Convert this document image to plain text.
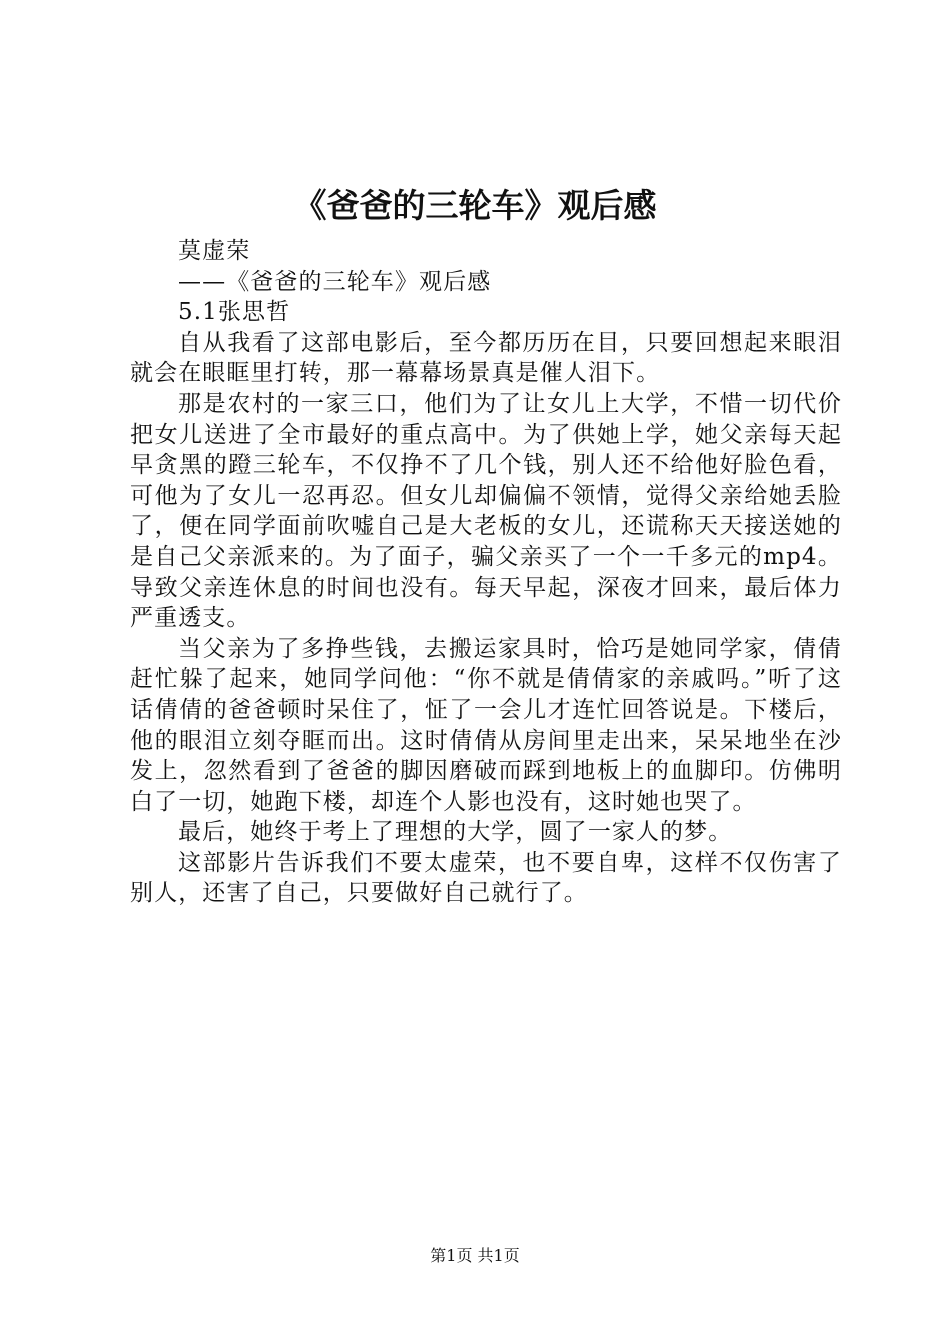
《爸爸的三轮车》观后感

莫虚荣

——《爸爸的三轮车》观后感

5.1张思哲

自从我看了这部电影后，至今都历历在目，只要回想起来眼泪就会在眼眶里打转，那一幕幕场景真是催人泪下。

那是农村的一家三口，他们为了让女儿上大学，不惜一切代价把女儿送进了全市最好的重点高中。为了供她上学，她父亲每天起早贪黑的蹬三轮车，不仅挣不了几个钱，别人还不给他好脸色看，可他为了女儿一忍再忍。但女儿却偏偏不领情，觉得父亲给她丢脸了，便在同学面前吹嘘自己是大老板的女儿，还谎称天天接送她的是自己父亲派来的。为了面子，骗父亲买了一个一千多元的mp4。导致父亲连休息的时间也没有。每天早起，深夜才回来，最后体力严重透支。

当父亲为了多挣些钱，去搬运家具时，恰巧是她同学家，倩倩赶忙躲了起来，她同学问他：“你不就是倩倩家的亲戚吗。”听了这话倩倩的爸爸顿时呆住了，怔了一会儿才连忙回答说是。下楼后，他的眼泪立刻夺眶而出。这时倩倩从房间里走出来，呆呆地坐在沙发上，忽然看到了爸爸的脚因磨破而踩到地板上的血脚印。仿佛明白了一切，她跑下楼，却连个人影也没有，这时她也哭了。

最后，她终于考上了理想的大学，圆了一家人的梦。

这部影片告诉我们不要太虚荣，也不要自卑，这样不仅伤害了别人，还害了自己，只要做好自己就行了。

第1页 共1页
